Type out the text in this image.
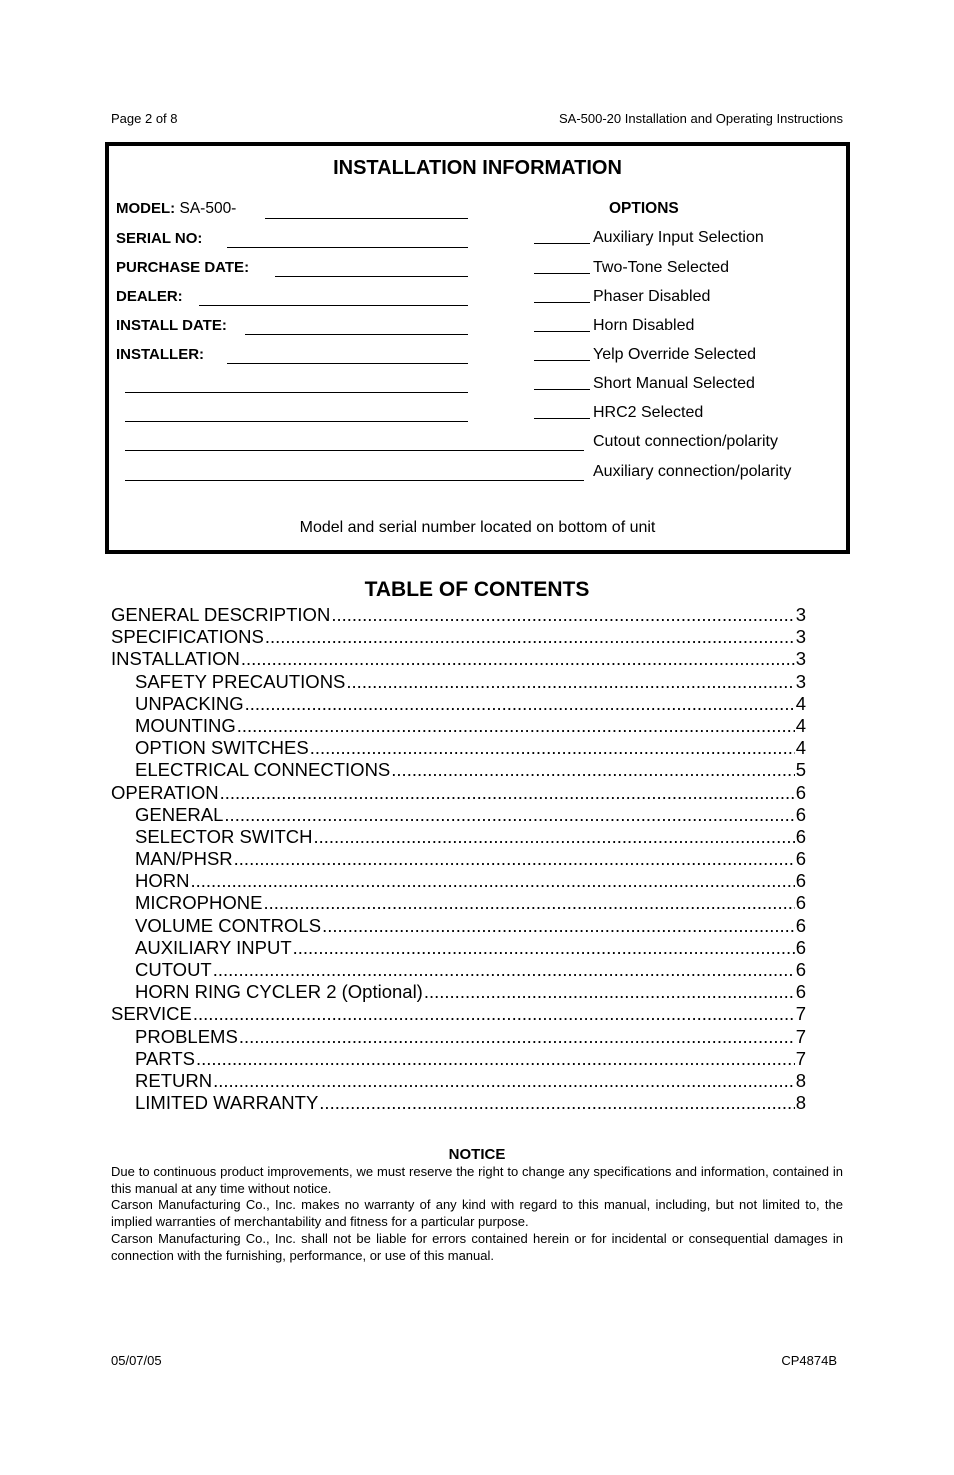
Page 2 of 8	SA-500-20 Installation and Operating Instructions
INSTALLATION INFORMATION
MODEL: SA-500-
SERIAL NO:
PURCHASE DATE:
DEALER:
INSTALL DATE:
INSTALLER:
OPTIONS
Auxiliary Input Selection
Two-Tone Selected
Phaser Disabled
Horn Disabled
Yelp Override Selected
Short Manual Selected
HRC2 Selected
Cutout connection/polarity
Auxiliary connection/polarity
Model and serial number located on bottom of unit
TABLE OF CONTENTS
GENERAL DESCRIPTION .....	3
SPECIFICATIONS .....	3
INSTALLATION .....	3
SAFETY PRECAUTIONS .....	3
UNPACKING .....	4
MOUNTING .....	4
OPTION SWITCHES .....	4
ELECTRICAL CONNECTIONS .....	5
OPERATION .....	6
GENERAL .....	6
SELECTOR SWITCH .....	6
MAN/PHSR .....	6
HORN .....	6
MICROPHONE .....	6
VOLUME CONTROLS .....	6
AUXILIARY INPUT .....	6
CUTOUT .....	6
HORN RING CYCLER 2 (Optional) .....	6
SERVICE .....	7
PROBLEMS .....	7
PARTS .....	7
RETURN .....	8
LIMITED WARRANTY .....	8
NOTICE

Due to continuous product improvements, we must reserve the right to change any specifications and information, contained in this manual at any time without notice.

Carson Manufacturing Co., Inc. makes no warranty of any kind with regard to this manual, including, but not limited to, the implied warranties of merchantability and fitness for a particular purpose.

Carson Manufacturing Co., Inc. shall not be liable for errors contained herein or for incidental or consequential damages in connection with the furnishing, performance, or use of this manual.

05/07/05	CP4874B
